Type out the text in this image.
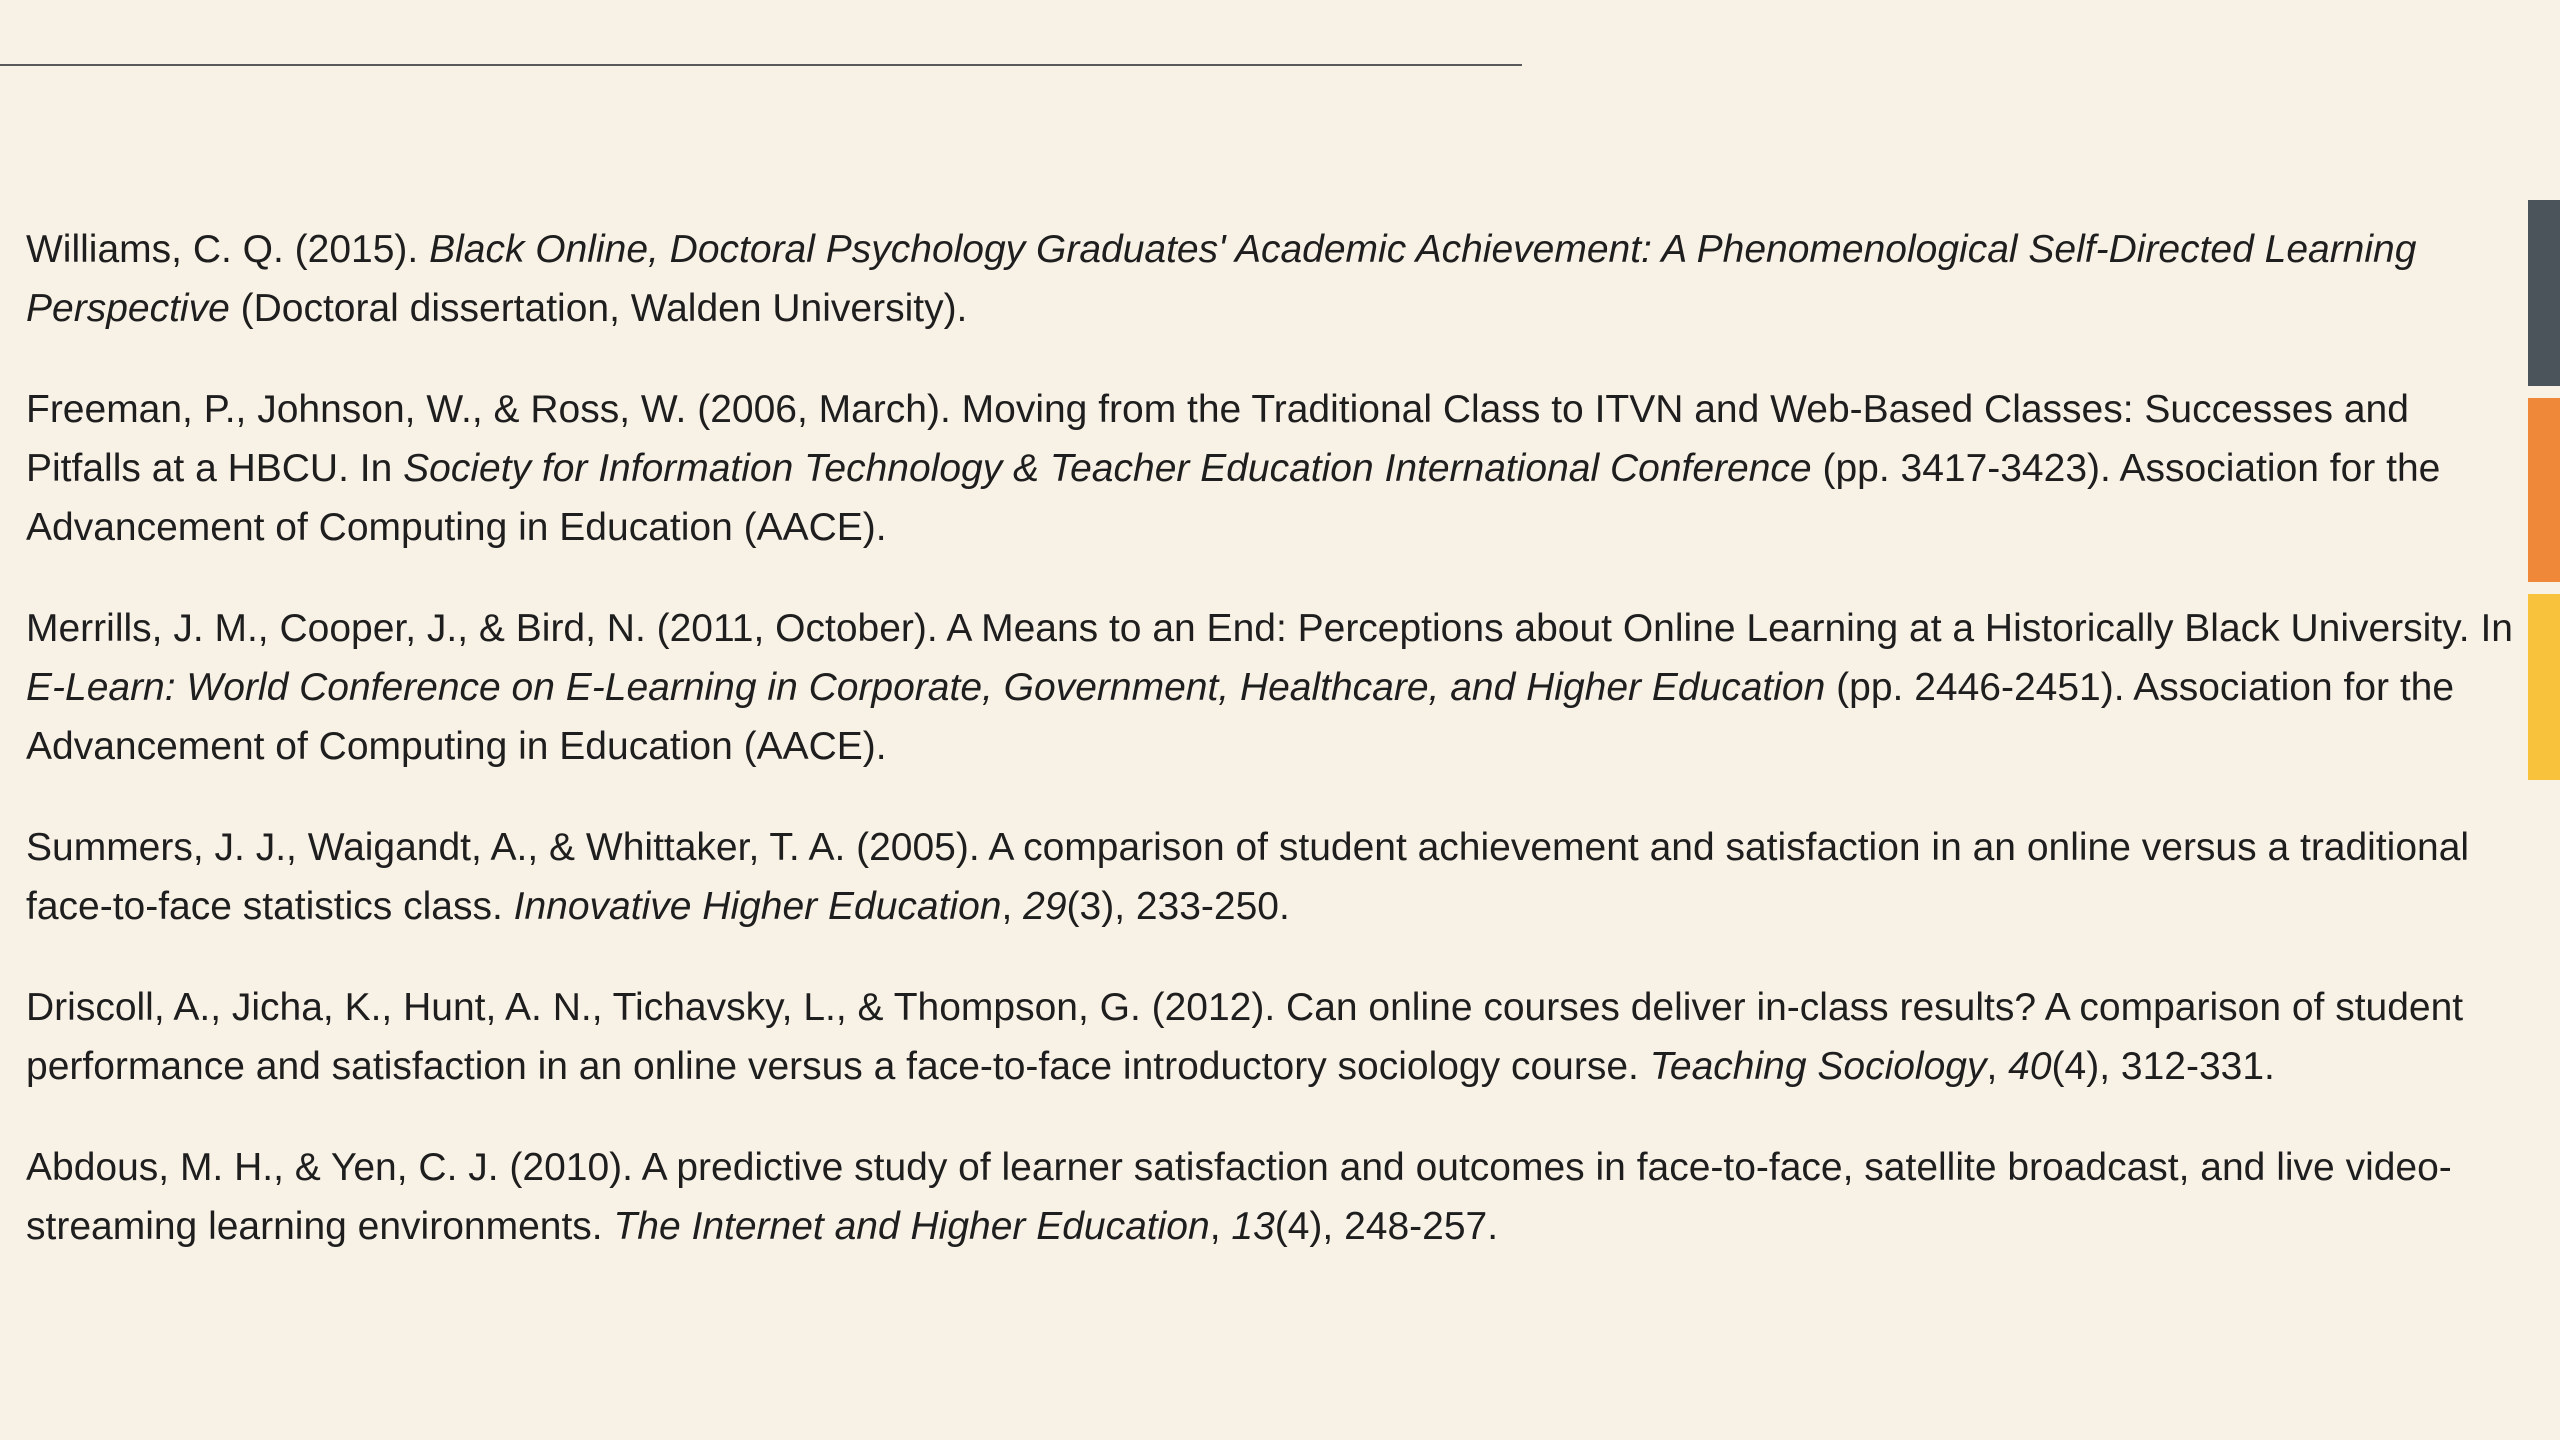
Williams, C. Q. (2015). Black Online, Doctoral Psychology Graduates' Academic Achievement: A Phenomenological Self-Directed Learning Perspective (Doctoral dissertation, Walden University).

Freeman, P., Johnson, W., & Ross, W. (2006, March). Moving from the Traditional Class to ITVN and Web-Based Classes: Successes and Pitfalls at a HBCU. In Society for Information Technology & Teacher Education International Conference (pp. 3417-3423). Association for the Advancement of Computing in Education (AACE).

Merrills, J. M., Cooper, J., & Bird, N. (2011, October). A Means to an End: Perceptions about Online Learning at a Historically Black University. In E-Learn: World Conference on E-Learning in Corporate, Government, Healthcare, and Higher Education (pp. 2446-2451). Association for the Advancement of Computing in Education (AACE).

Summers, J. J., Waigandt, A., & Whittaker, T. A. (2005). A comparison of student achievement and satisfaction in an online versus a traditional face-to-face statistics class. Innovative Higher Education, 29(3), 233-250.

Driscoll, A., Jicha, K., Hunt, A. N., Tichavsky, L., & Thompson, G. (2012). Can online courses deliver in-class results? A comparison of student performance and satisfaction in an online versus a face-to-face introductory sociology course. Teaching Sociology, 40(4), 312-331.

Abdous, M. H., & Yen, C. J. (2010). A predictive study of learner satisfaction and outcomes in face-to-face, satellite broadcast, and live video-streaming learning environments. The Internet and Higher Education, 13(4), 248-257.
